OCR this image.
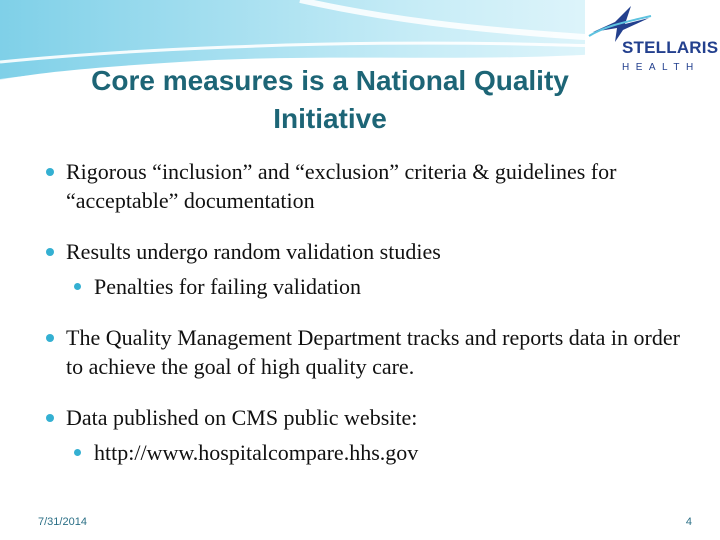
STELLARIS
HEALTH
Core measures is a National Quality Initiative
Rigorous “inclusion” and “exclusion” criteria & guidelines for “acceptable” documentation
Results undergo random validation studies
Penalties for failing validation
The Quality Management Department tracks and reports data in order to achieve the goal of high quality care.
Data published on CMS public website:
http://www.hospitalcompare.hhs.gov
7/31/2014	4
